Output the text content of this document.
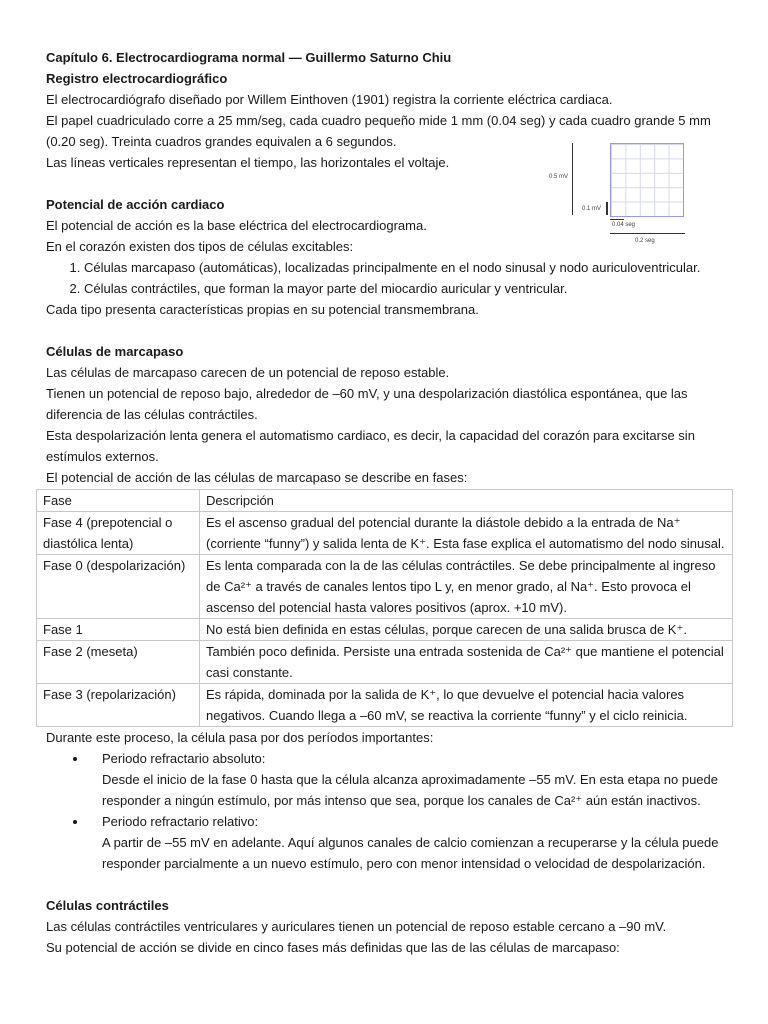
0.5 mV
0.1 mV
0.04 seg
0.2 seg
Capítulo 6. Electrocardiograma normal — Guillermo Saturno Chiu
Registro electrocardiográfico
El electrocardiógrafo diseñado por Willem Einthoven (1901) registra la corriente eléctrica cardiaca.
El papel cuadriculado corre a 25 mm/seg, cada cuadro pequeño mide 1 mm (0.04 seg) y cada cuadro grande 5 mm (0.20 seg). Treinta cuadros grandes equivalen a 6 segundos.
Las líneas verticales representan el tiempo, las horizontales el voltaje.
Potencial de acción cardiaco
El potencial de acción es la base eléctrica del electrocardiograma.
En el corazón existen dos tipos de células excitables:
1. Células marcapaso (automáticas), localizadas principalmente en el nodo sinusal y nodo auriculoventricular.
2. Células contráctiles, que forman la mayor parte del miocardio auricular y ventricular.
Cada tipo presenta características propias en su potencial transmembrana.
Células de marcapaso
Las células de marcapaso carecen de un potencial de reposo estable.
Tienen un potencial de reposo bajo, alrededor de –60 mV, y una despolarización diastólica espontánea, que las diferencia de las células contráctiles.
Esta despolarización lenta genera el automatismo cardiaco, es decir, la capacidad del corazón para excitarse sin estímulos externos.
El potencial de acción de las células de marcapaso se describe en fases:
Fase	Descripción
Fase 4 (prepotencial o diastólica lenta)	Es el ascenso gradual del potencial durante la diástole debido a la entrada de Na⁺ (corriente “funny”) y salida lenta de K⁺. Esta fase explica el automatismo del nodo sinusal.
Fase 0 (despolarización)	Es lenta comparada con la de las células contráctiles. Se debe principalmente al ingreso de Ca²⁺ a través de canales lentos tipo L y, en menor grado, al Na⁺. Esto provoca el ascenso del potencial hasta valores positivos (aprox. +10 mV).
Fase 1	No está bien definida en estas células, porque carecen de una salida brusca de K⁺.
Fase 2 (meseta)	También poco definida. Persiste una entrada sostenida de Ca²⁺ que mantiene el potencial casi constante.
Fase 3 (repolarización)	Es rápida, dominada por la salida de K⁺, lo que devuelve el potencial hacia valores negativos. Cuando llega a –60 mV, se reactiva la corriente “funny” y el ciclo reinicia.
Durante este proceso, la célula pasa por dos períodos importantes:
• Periodo refractario absoluto:
Desde el inicio de la fase 0 hasta que la célula alcanza aproximadamente –55 mV. En esta etapa no puede responder a ningún estímulo, por más intenso que sea, porque los canales de Ca²⁺ aún están inactivos.
• Periodo refractario relativo:
A partir de –55 mV en adelante. Aquí algunos canales de calcio comienzan a recuperarse y la célula puede responder parcialmente a un nuevo estímulo, pero con menor intensidad o velocidad de despolarización.
Células contráctiles
Las células contráctiles ventriculares y auriculares tienen un potencial de reposo estable cercano a –90 mV.
Su potencial de acción se divide en cinco fases más definidas que las de las células de marcapaso:
